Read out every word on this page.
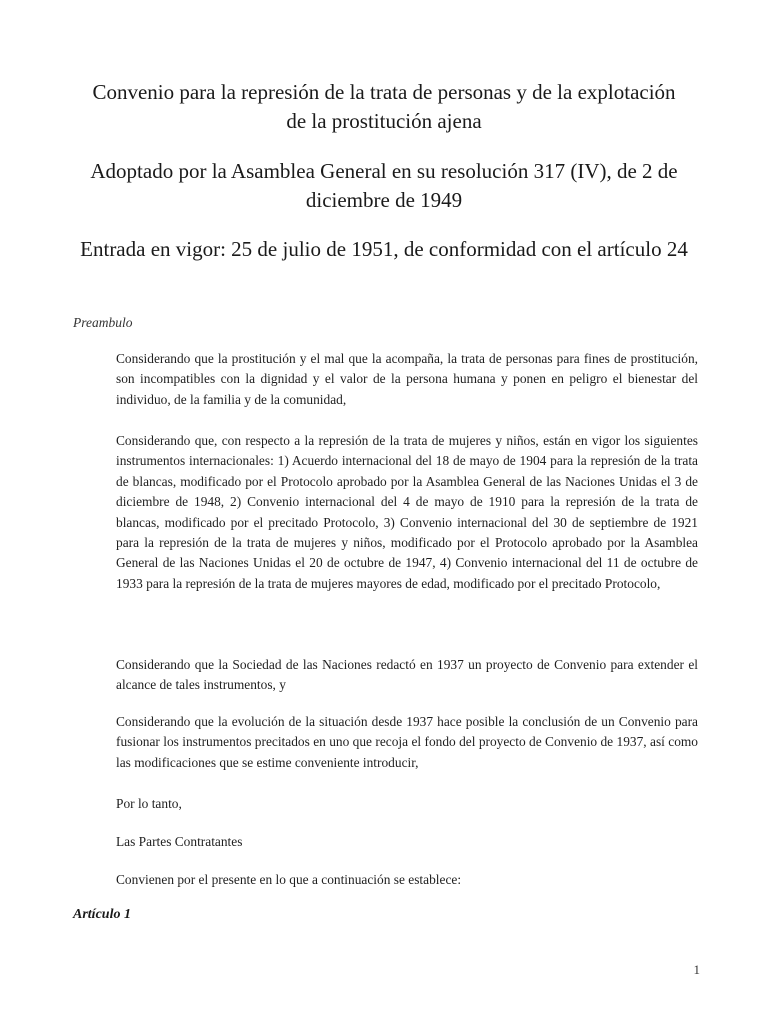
Convenio para la represión de la trata de personas y de la explotación de la prostitución ajena
Adoptado por la Asamblea General en su resolución 317 (IV), de 2 de diciembre de 1949
Entrada en vigor: 25 de julio de 1951, de conformidad con el artículo 24
Preambulo

Considerando que la prostitución y el mal que la acompaña, la trata de personas para fines de prostitución, son incompatibles con la dignidad y el valor de la persona humana y ponen en peligro el bienestar del individuo, de la familia y de la comunidad,

Considerando que, con respecto a la represión de la trata de mujeres y niños, están en vigor los siguientes instrumentos internacionales: 1) Acuerdo internacional del 18 de mayo de 1904 para la represión de la trata de blancas, modificado por el Protocolo aprobado por la Asamblea General de las Naciones Unidas el 3 de diciembre de 1948, 2) Convenio internacional del 4 de mayo de 1910 para la represión de la trata de blancas, modificado por el precitado Protocolo, 3) Convenio internacional del 30 de septiembre de 1921 para la represión de la trata de mujeres y niños, modificado por el Protocolo aprobado por la Asamblea General de las Naciones Unidas el 20 de octubre de 1947, 4) Convenio internacional del 11 de octubre de 1933 para la represión de la trata de mujeres mayores de edad, modificado por el precitado Protocolo,

Considerando que la Sociedad de las Naciones redactó en 1937 un proyecto de Convenio para extender el alcance de tales instrumentos, y

Considerando que la evolución de la situación desde 1937 hace posible la conclusión de un Convenio para fusionar los instrumentos precitados en uno que recoja el fondo del proyecto de Convenio de 1937, así como las modificaciones que se estime conveniente introducir,

Por lo tanto,

Las Partes Contratantes

Convienen por el presente en lo que a continuación se establece:

Artículo 1
1
